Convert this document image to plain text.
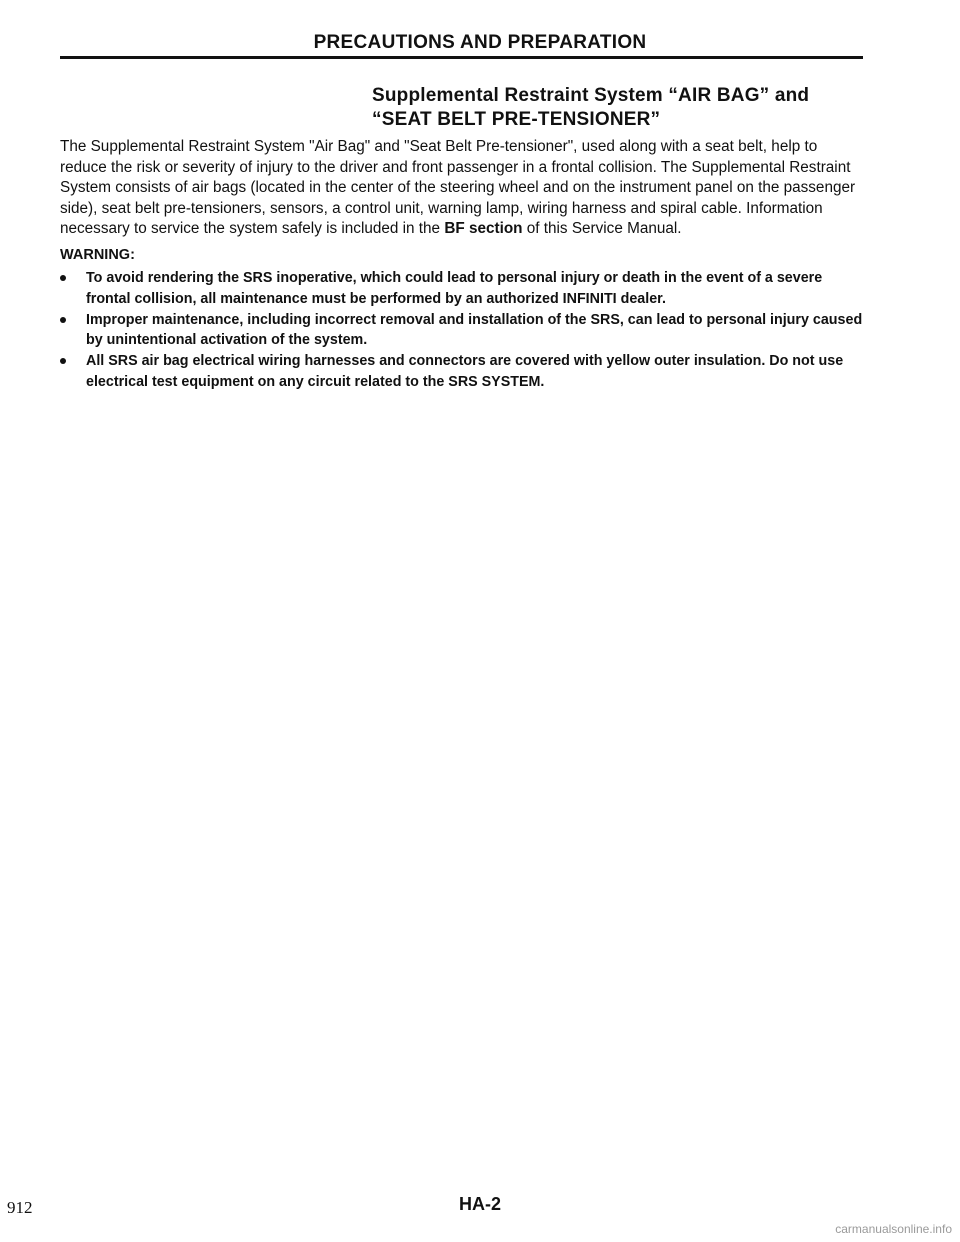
PRECAUTIONS AND PREPARATION
Supplemental Restraint System “AIR BAG” and
“SEAT BELT PRE-TENSIONER”

The Supplemental Restraint System "Air Bag" and "Seat Belt Pre-tensioner", used along with a seat belt, help to reduce the risk or severity of injury to the driver and front passenger in a frontal collision. The Supplemental Restraint System consists of air bags (located in the center of the steering wheel and on the instrument panel on the passenger side), seat belt pre-tensioners, sensors, a control unit, warning lamp, wiring harness and spiral cable. Information necessary to service the system safely is included in the BF section of this Service Manual.

WARNING:
To avoid rendering the SRS inoperative, which could lead to personal injury or death in the event of a severe frontal collision, all maintenance must be performed by an authorized INFINITI dealer.
Improper maintenance, including incorrect removal and installation of the SRS, can lead to personal injury caused by unintentional activation of the system.
All SRS air bag electrical wiring harnesses and connectors are covered with yellow outer insulation. Do not use electrical test equipment on any circuit related to the SRS SYSTEM.
912	HA-2
carmanualsonline.info
